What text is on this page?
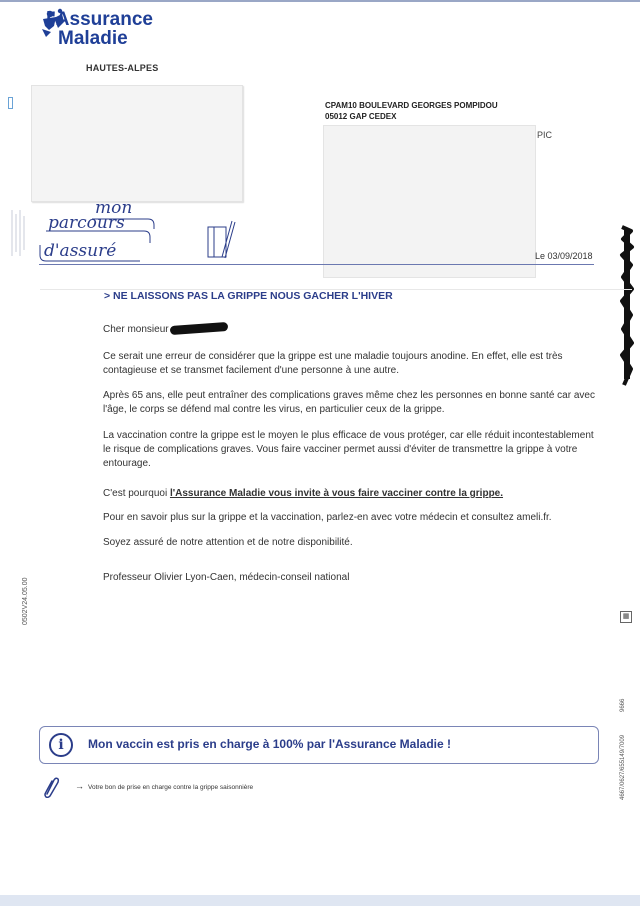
l'Assurance
Maladie
HAUTES-ALPES
CPAM10 BOULEVARD GEORGES POMPIDOU
05012 GAP CEDEX
PIC
mon
parcours
d'assuré	Le 03/09/2018
> NE LAISSONS PAS LA GRIPPE NOUS GACHER L'HIVER
Cher monsieur
Ce serait une erreur de considérer que la grippe est une maladie toujours anodine. En effet, elle est très contagieuse et se transmet facilement d'une personne à une autre.
Après 65 ans, elle peut entraîner des complications graves même chez les personnes en bonne santé car avec l'âge, le corps se défend mal contre les virus, en particulier ceux de la grippe.
La vaccination contre la grippe est le moyen le plus efficace de vous protéger, car elle réduit incontestablement le risque de complications graves. Vous faire vacciner permet aussi d'éviter de transmettre la grippe à votre entourage.
C'est pourquoi l'Assurance Maladie vous invite à vous faire vacciner contre la grippe.
Pour en savoir plus sur la grippe et la vaccination, parlez-en avec votre médecin et consultez ameli.fr.
Soyez assuré de notre attention et de notre disponibilité.
Professeur Olivier Lyon-Caen, médecin-conseil national
0502V24.05.00	▦
9666
4667/0627/655149/7009
i	Mon vaccin est pris en charge à 100% par l'Assurance Maladie !
→ Votre bon de prise en charge contre la grippe saisonnière
